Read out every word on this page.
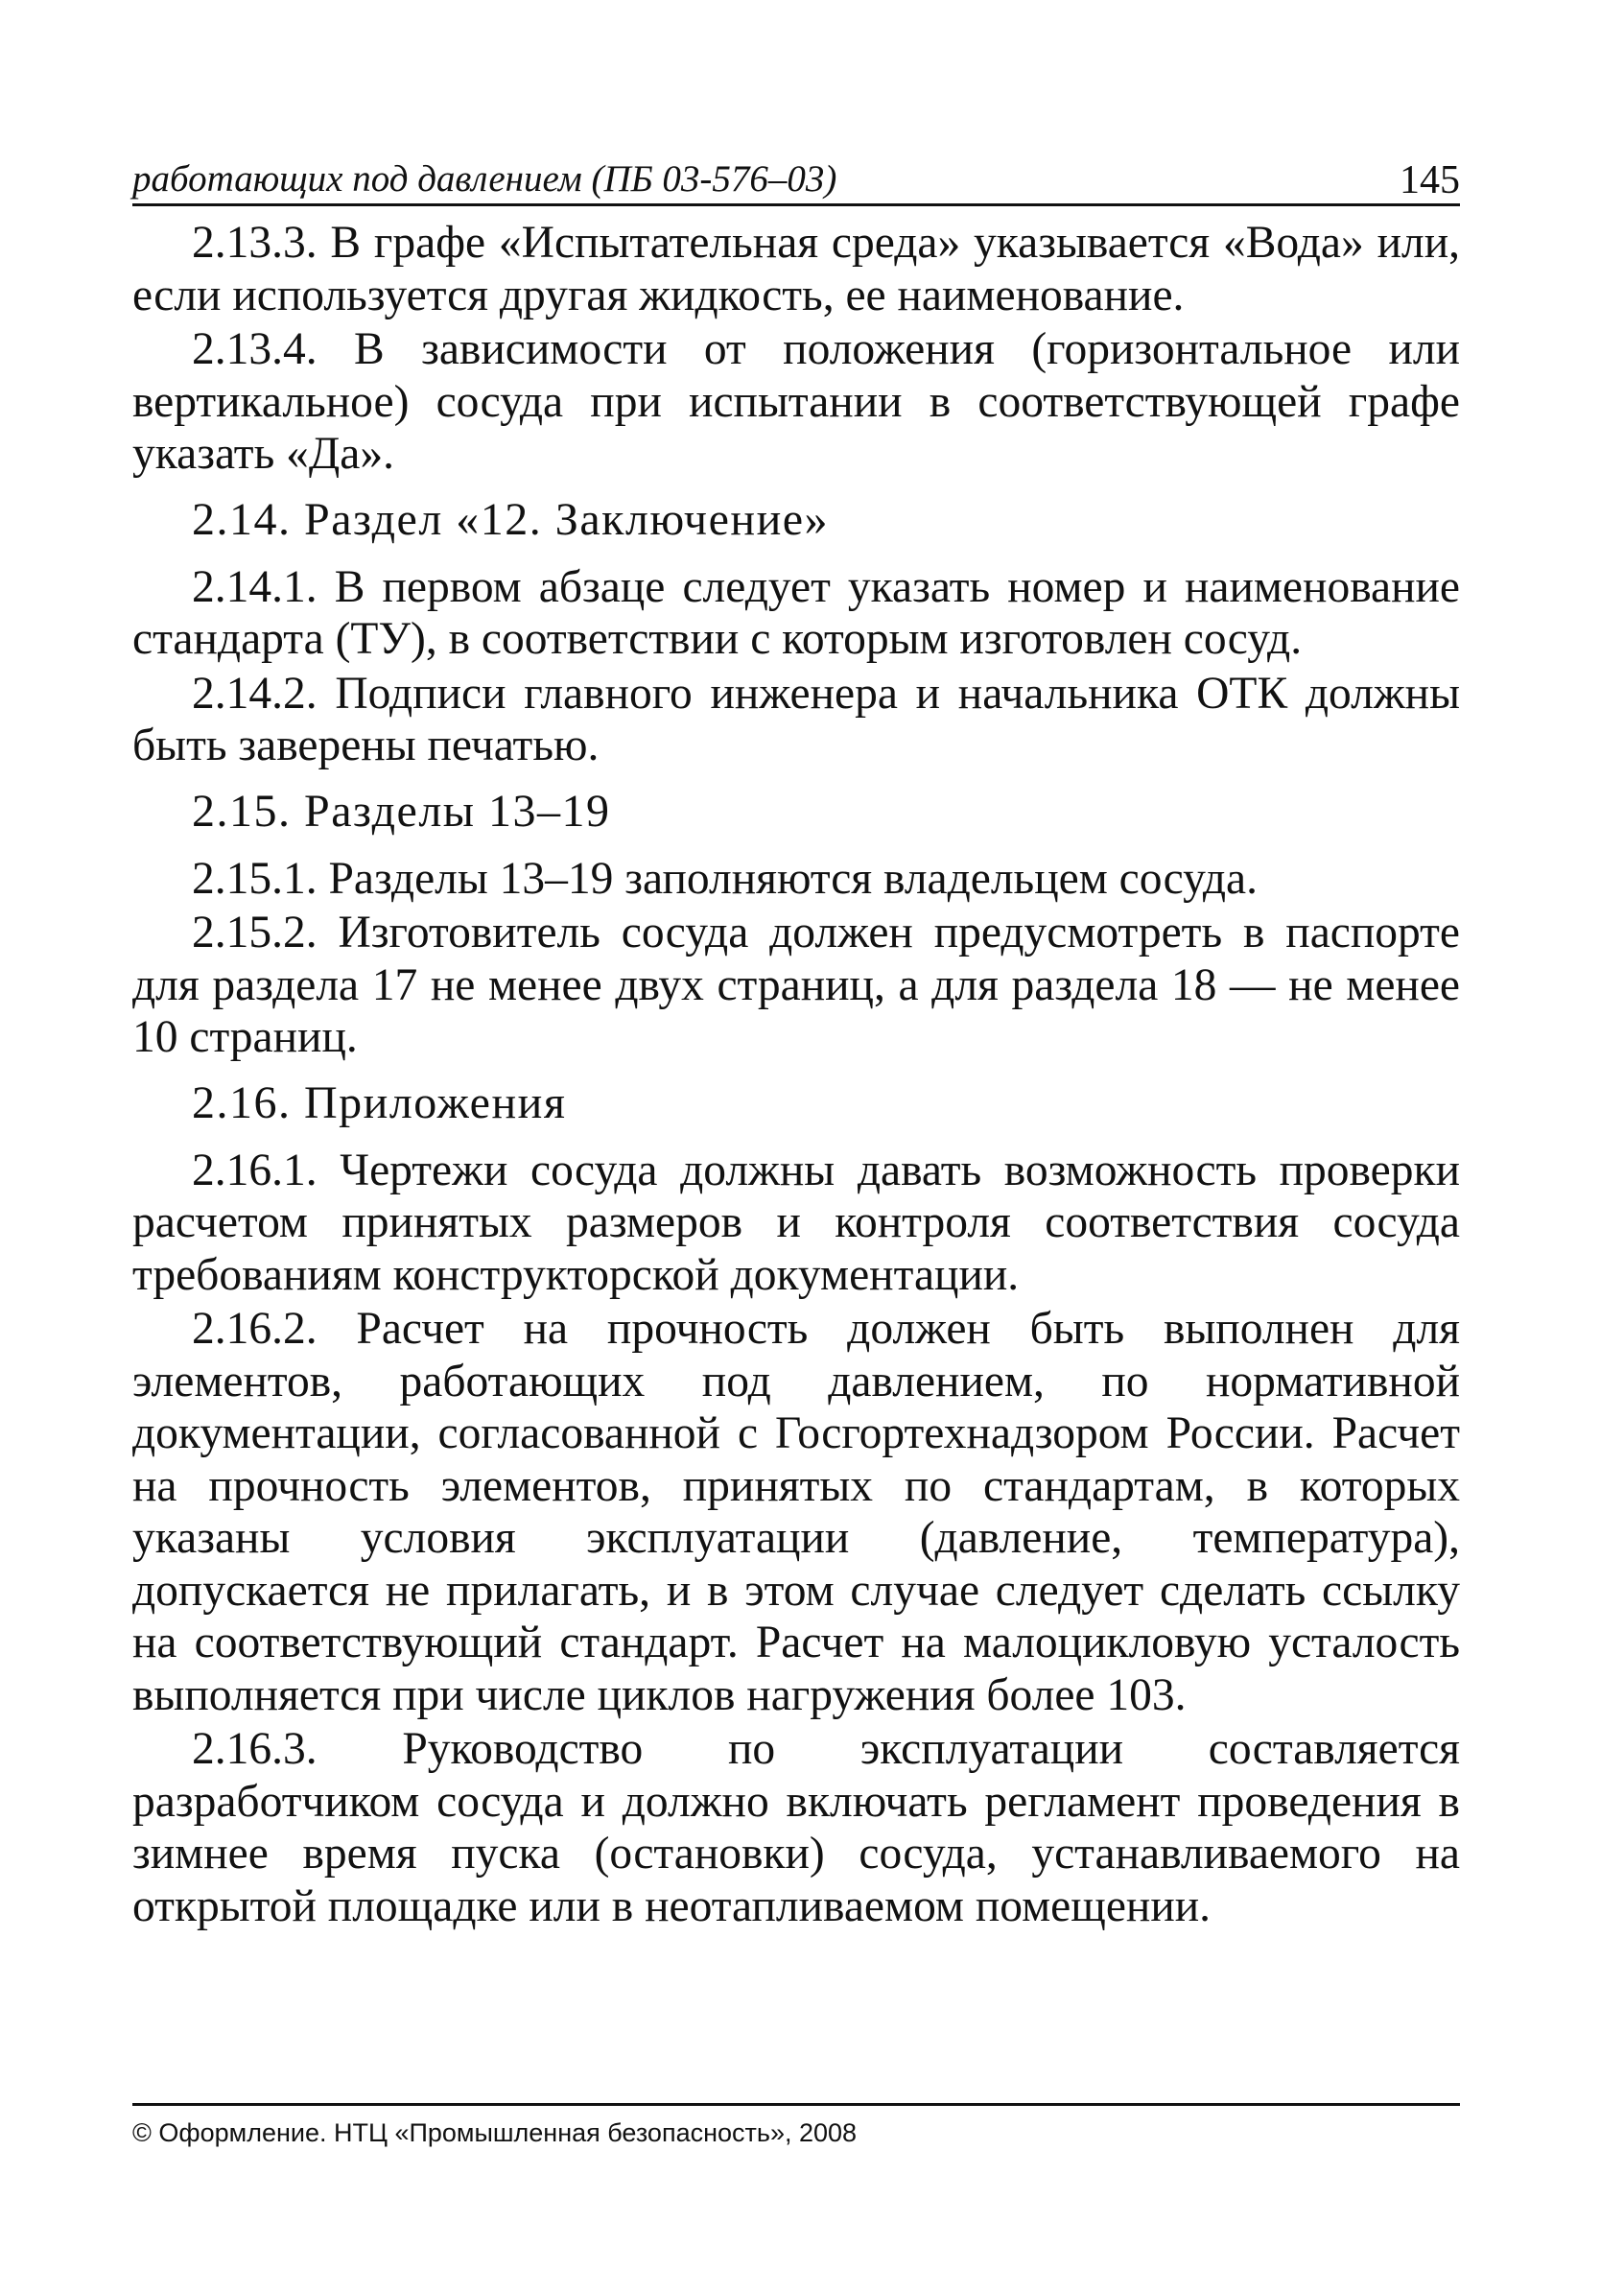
работающих под давлением (ПБ 03-576–03)	145

2.13.3. В графе «Испытательная среда» указывается «Вода» или, если используется другая жидкость, ее наименование.

2.13.4. В зависимости от положения (горизонтальное или вертикальное) сосуда при испытании в соответствующей графе указать «Да».

2.14. Раздел «12. Заключение»

2.14.1. В первом абзаце следует указать номер и наименование стандарта (ТУ), в соответствии с которым изготовлен сосуд.

2.14.2. Подписи главного инженера и начальника ОТК должны быть заверены печатью.

2.15. Разделы 13–19

2.15.1. Разделы 13–19 заполняются владельцем сосуда.

2.15.2. Изготовитель сосуда должен предусмотреть в паспорте для раздела 17 не менее двух страниц, а для раздела 18 — не менее 10 страниц.

2.16. Приложения

2.16.1. Чертежи сосуда должны давать возможность проверки расчетом принятых размеров и контроля соответствия сосуда требованиям конструкторской документации.

2.16.2. Расчет на прочность должен быть выполнен для элементов, работающих под давлением, по нормативной документации, согласованной с Госгортехнадзором России. Расчет на прочность элементов, принятых по стандартам, в которых указаны условия эксплуатации (давление, температура), допускается не прилагать, и в этом случае следует сделать ссылку на соответствующий стандарт. Расчет на малоцикловую усталость выполняется при числе циклов нагружения более 103.

2.16.3. Руководство по эксплуатации составляется разработчиком сосуда и должно включать регламент проведения в зимнее время пуска (остановки) сосуда, устанавливаемого на открытой площадке или в неотапливаемом помещении.

© Оформление. НТЦ «Промышленная безопасность», 2008
